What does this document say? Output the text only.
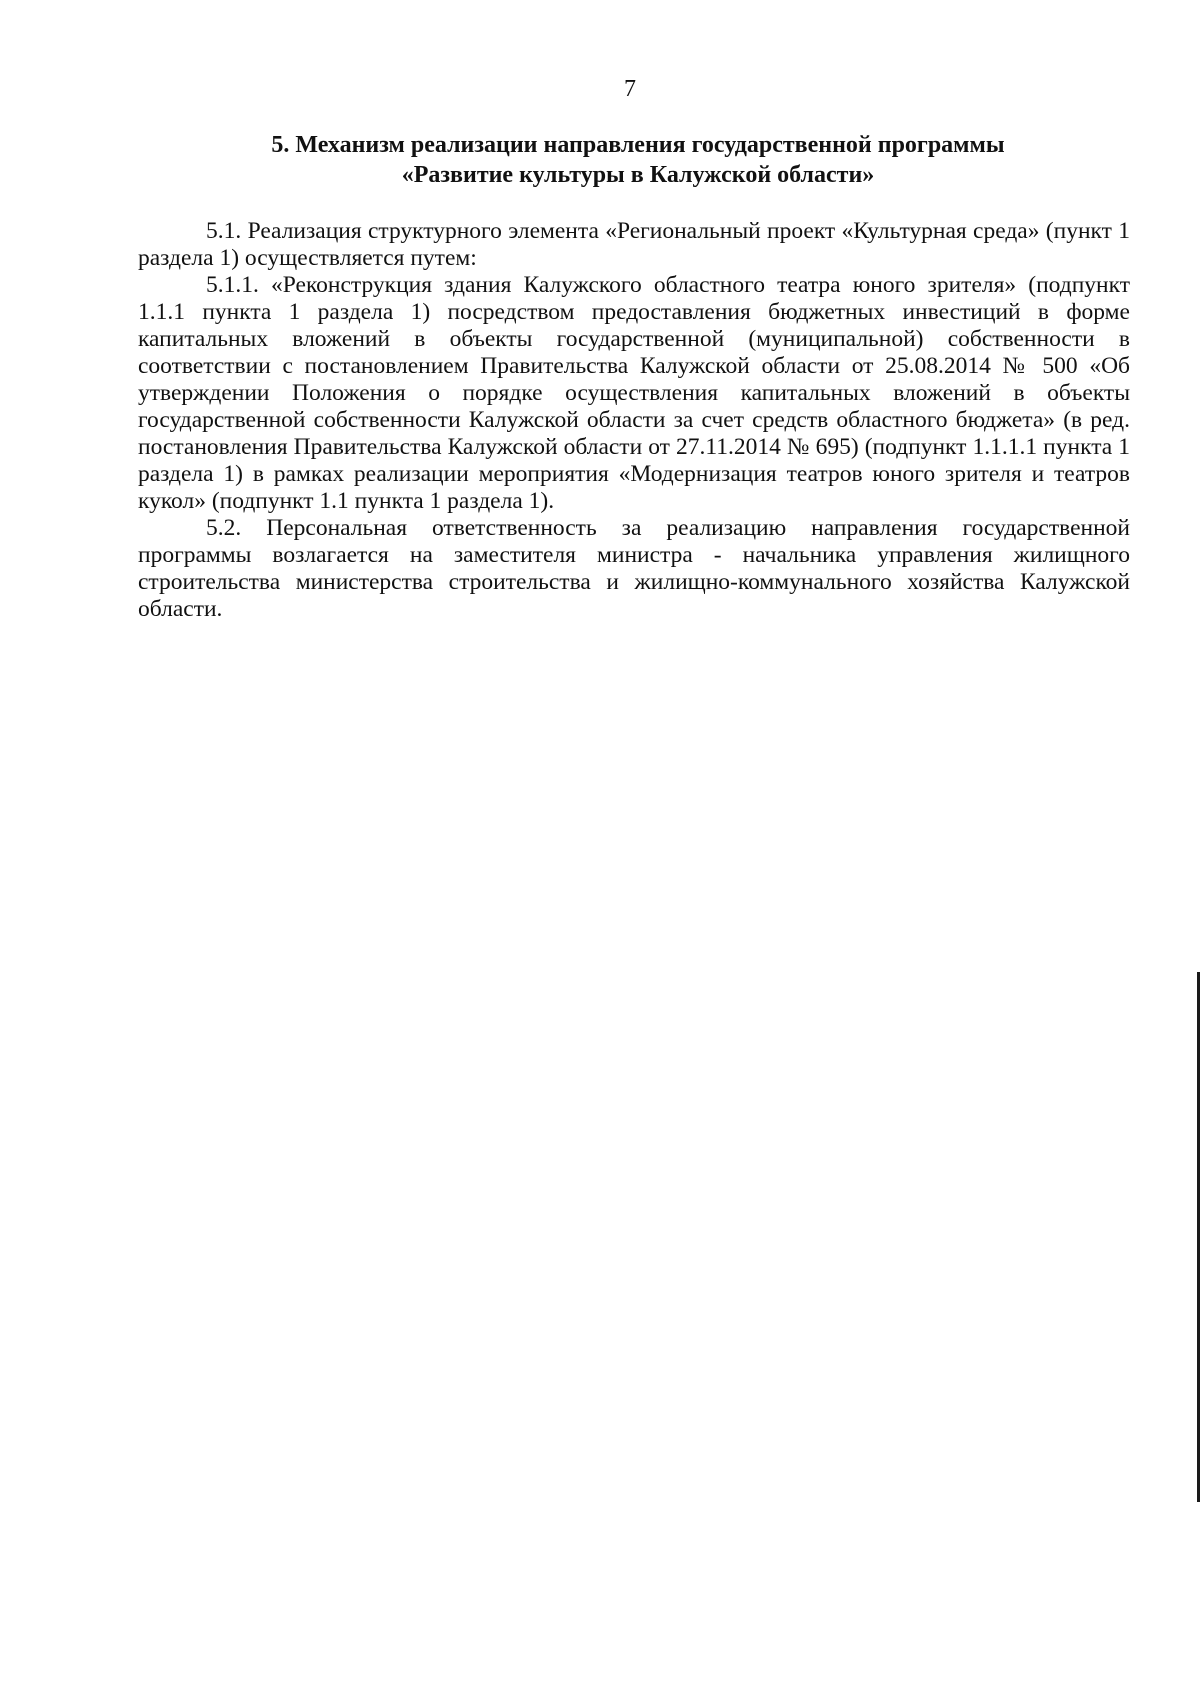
7
5. Механизм реализации направления государственной программы
«Развитие культуры в Калужской области»

5.1. Реализация структурного элемента «Региональный проект «Культурная среда» (пункт 1 раздела 1) осуществляется путем:

5.1.1. «Реконструкция здания Калужского областного театра юного зрителя» (подпункт 1.1.1 пункта 1 раздела 1) посредством предоставления бюджетных инвестиций в форме капитальных вложений в объекты государственной (муниципальной) собственности в соответствии с постановлением Правительства Калужской области от 25.08.2014 № 500 «Об утверждении Положения о порядке осуществления капитальных вложений в объекты государственной собственности Калужской области за счет средств областного бюджета» (в ред. постановления Правительства Калужской области от 27.11.2014 № 695) (подпункт 1.1.1.1 пункта 1 раздела 1) в рамках реализации мероприятия «Модернизация театров юного зрителя и театров кукол» (подпункт 1.1 пункта 1 раздела 1).

5.2. Персональная ответственность за реализацию направления государственной программы возлагается на заместителя министра - начальника управления жилищного строительства министерства строительства и жилищно-коммунального хозяйства Калужской области.
